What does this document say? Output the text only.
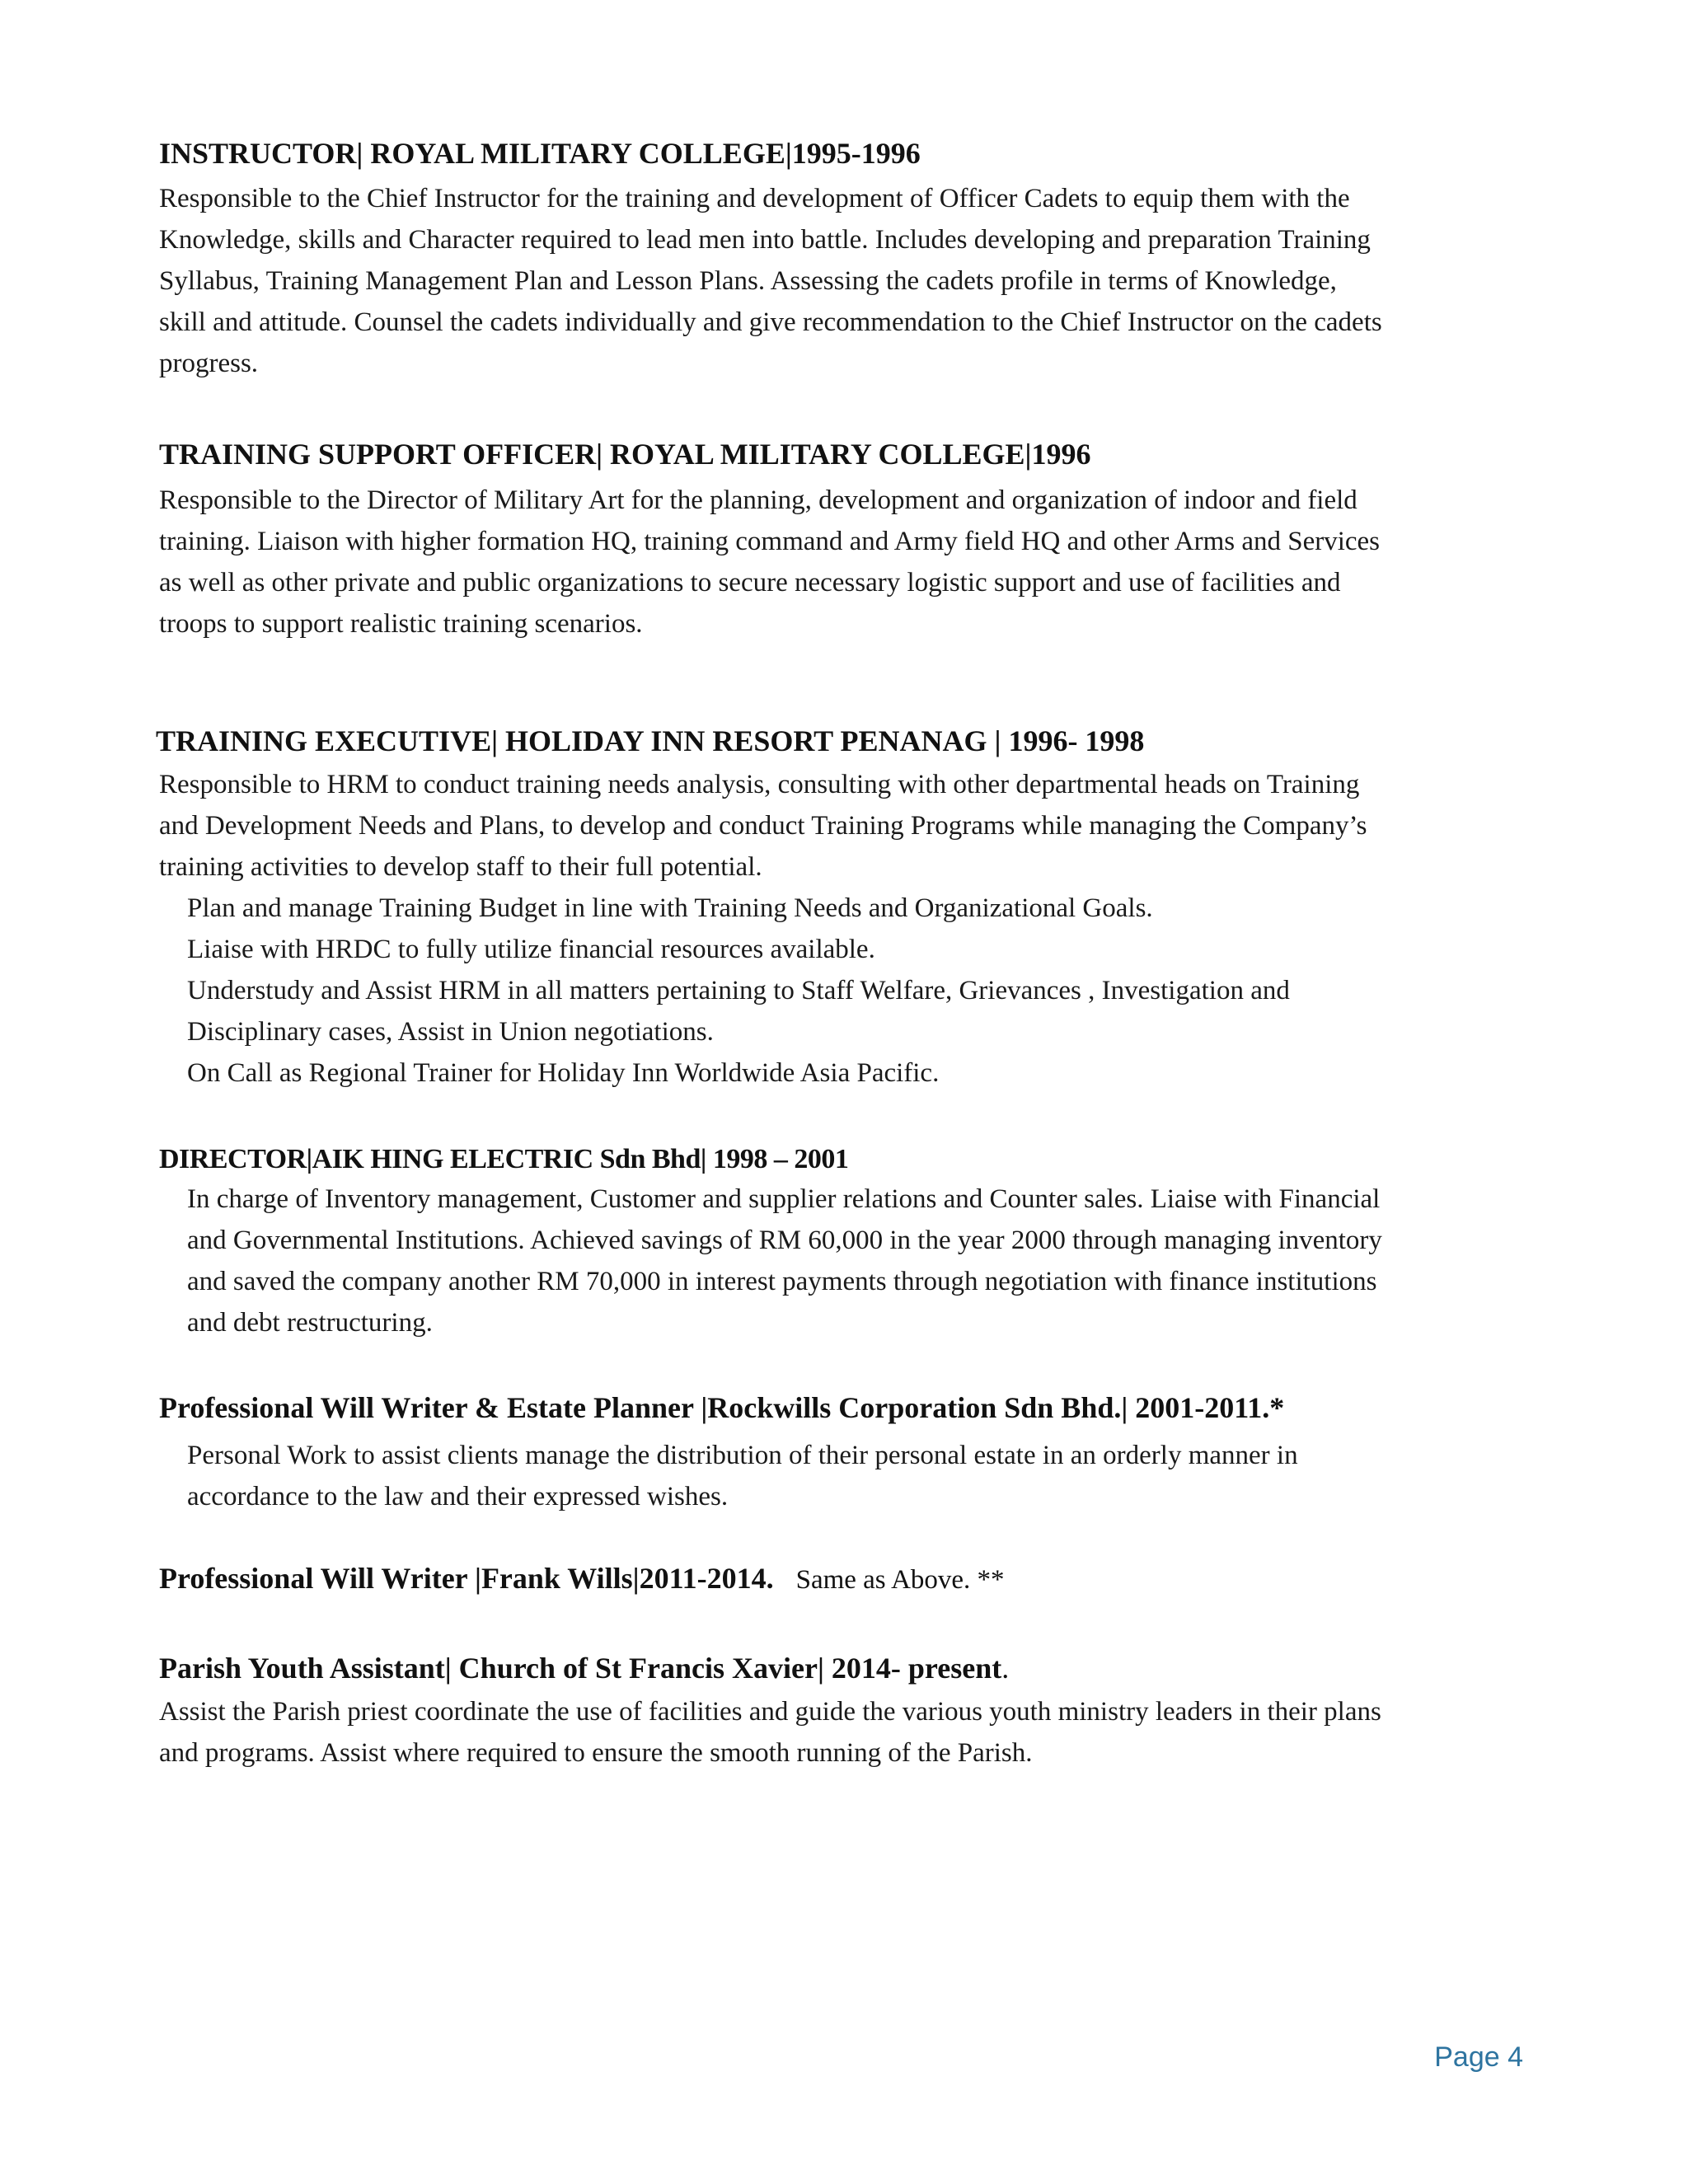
INSTRUCTOR| ROYAL MILITARY COLLEGE|1995-1996

Responsible to the Chief Instructor for the training and development of Officer Cadets to equip them with the
Knowledge, skills and Character required to lead men into battle. Includes developing and preparation Training
Syllabus, Training Management Plan and Lesson Plans. Assessing the cadets profile in terms of Knowledge,
skill and attitude. Counsel the cadets individually and give recommendation to the Chief Instructor on the cadets
progress.

TRAINING SUPPORT OFFICER| ROYAL MILITARY COLLEGE|1996

Responsible to the Director of Military Art for the planning, development and organization of indoor and field
training. Liaison with higher formation HQ, training command and Army field HQ and other Arms and Services
as well as other private and public organizations to secure necessary logistic support and use of facilities and
troops to support realistic training scenarios.

TRAINING EXECUTIVE| HOLIDAY INN RESORT PENANAG | 1996- 1998

Responsible to HRM to conduct training needs analysis, consulting with other departmental heads on Training
and Development Needs and Plans, to develop and conduct Training Programs while managing the Company’s
training activities to develop staff to their full potential.

Plan and manage Training Budget in line with Training Needs and Organizational Goals.
Liaise with HRDC to fully utilize financial resources available.
Understudy and Assist HRM in all matters pertaining to Staff Welfare, Grievances , Investigation and
Disciplinary cases, Assist in Union negotiations.
On Call as Regional Trainer for Holiday Inn Worldwide Asia Pacific.

DIRECTOR|AIK HING ELECTRIC Sdn Bhd| 1998 – 2001

In charge of Inventory management, Customer and supplier relations and Counter sales. Liaise with Financial
and Governmental Institutions. Achieved savings of RM 60,000 in the year 2000 through managing inventory
and saved the company another RM 70,000 in interest payments through negotiation with finance institutions
and debt restructuring.

Professional Will Writer & Estate Planner |Rockwills Corporation Sdn Bhd.| 2001-2011.*

Personal Work to assist clients manage the distribution of their personal estate in an orderly manner in
accordance to the law and their expressed wishes.

Professional Will Writer |Frank Wills|2011-2014. Same as Above. **
Parish Youth Assistant| Church of St Francis Xavier| 2014- present.

Assist the Parish priest coordinate the use of facilities and guide the various youth ministry leaders in their plans
and programs. Assist where required to ensure the smooth running of the Parish.

Page 4
